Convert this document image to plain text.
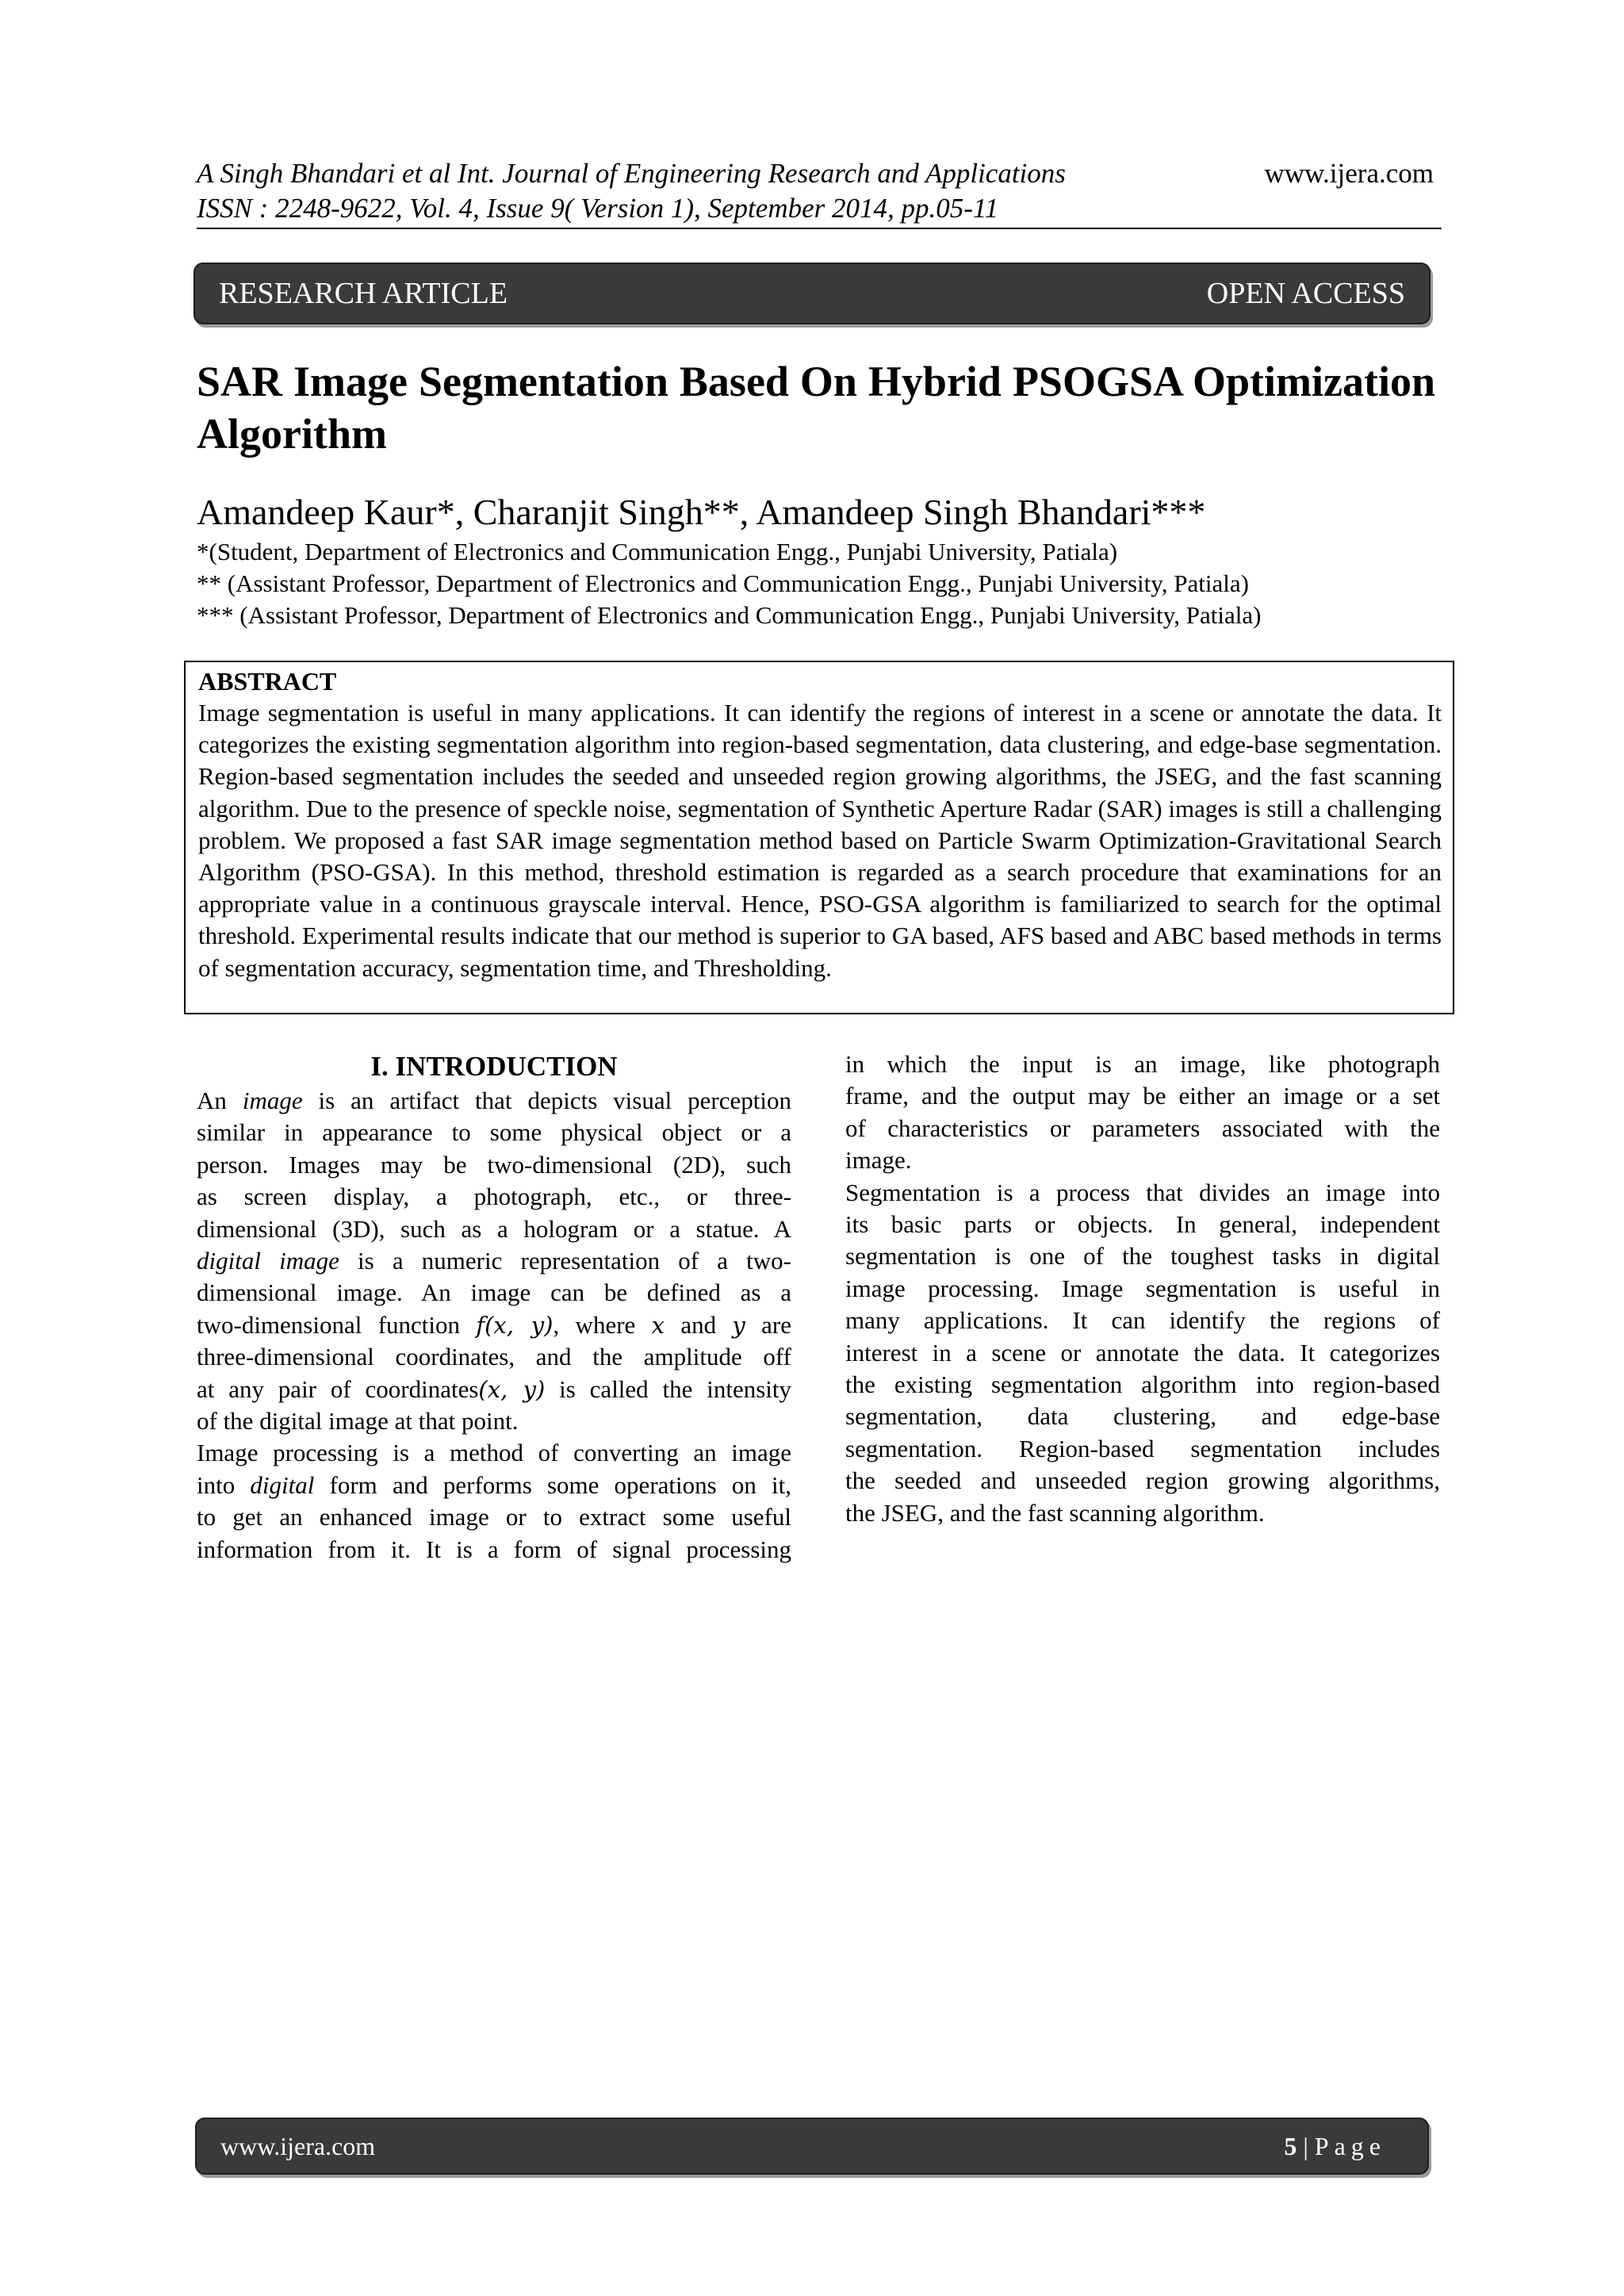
A Singh Bhandari et al Int. Journal of Engineering Research and Applications
ISSN : 2248-9622, Vol. 4, Issue 9( Version 1), September 2014, pp.05-11
www.ijera.com
RESEARCH ARTICLE	OPEN ACCESS
SAR Image Segmentation Based On Hybrid PSOGSA Optimization Algorithm
Amandeep Kaur*, Charanjit Singh**, Amandeep Singh Bhandari***
*(Student, Department of Electronics and Communication Engg., Punjabi University, Patiala)
** (Assistant Professor, Department of Electronics and Communication Engg., Punjabi University, Patiala)
*** (Assistant Professor, Department of Electronics and Communication Engg., Punjabi University, Patiala)
ABSTRACT
Image segmentation is useful in many applications. It can identify the regions of interest in a scene or annotate the data. It categorizes the existing segmentation algorithm into region-based segmentation, data clustering, and edge-base segmentation. Region-based segmentation includes the seeded and unseeded region growing algorithms, the JSEG, and the fast scanning algorithm. Due to the presence of speckle noise, segmentation of Synthetic Aperture Radar (SAR) images is still a challenging problem. We proposed a fast SAR image segmentation method based on Particle Swarm Optimization-Gravitational Search Algorithm (PSO-GSA). In this method, threshold estimation is regarded as a search procedure that examinations for an appropriate value in a continuous grayscale interval. Hence, PSO-GSA algorithm is familiarized to search for the optimal threshold. Experimental results indicate that our method is superior to GA based, AFS based and ABC based methods in terms of segmentation accuracy, segmentation time, and Thresholding.
I. INTRODUCTION

An image is an artifact that depicts visual perception
similar in appearance to some physical object or a
person. Images may be two-dimensional (2D), such
as screen display, a photograph, etc., or three-
dimensional (3D), such as a hologram or a statue. A
digital image is a numeric representation of a two-
dimensional image. An image can be defined as a
two-dimensional function f(x, y), where x and y are
three-dimensional coordinates, and the amplitude off
at any pair of coordinates(x, y) is called the intensity
of the digital image at that point.

Image processing is a method of converting an image
into digital form and performs some operations on it,
to get an enhanced image or to extract some useful
information from it. It is a form of signal processing

in which the input is an image, like photograph
frame, and the output may be either an image or a set
of characteristics or parameters associated with the
image.

Segmentation is a process that divides an image into
its basic parts or objects. In general, independent
segmentation is one of the toughest tasks in digital
image processing. Image segmentation is useful in
many applications. It can identify the regions of
interest in a scene or annotate the data. It categorizes
the existing segmentation algorithm into region-based
segmentation, data clustering, and edge-base
segmentation. Region-based segmentation includes
the seeded and unseeded region growing algorithms,
the JSEG, and the fast scanning algorithm.

www.ijera.com	5 | Page
